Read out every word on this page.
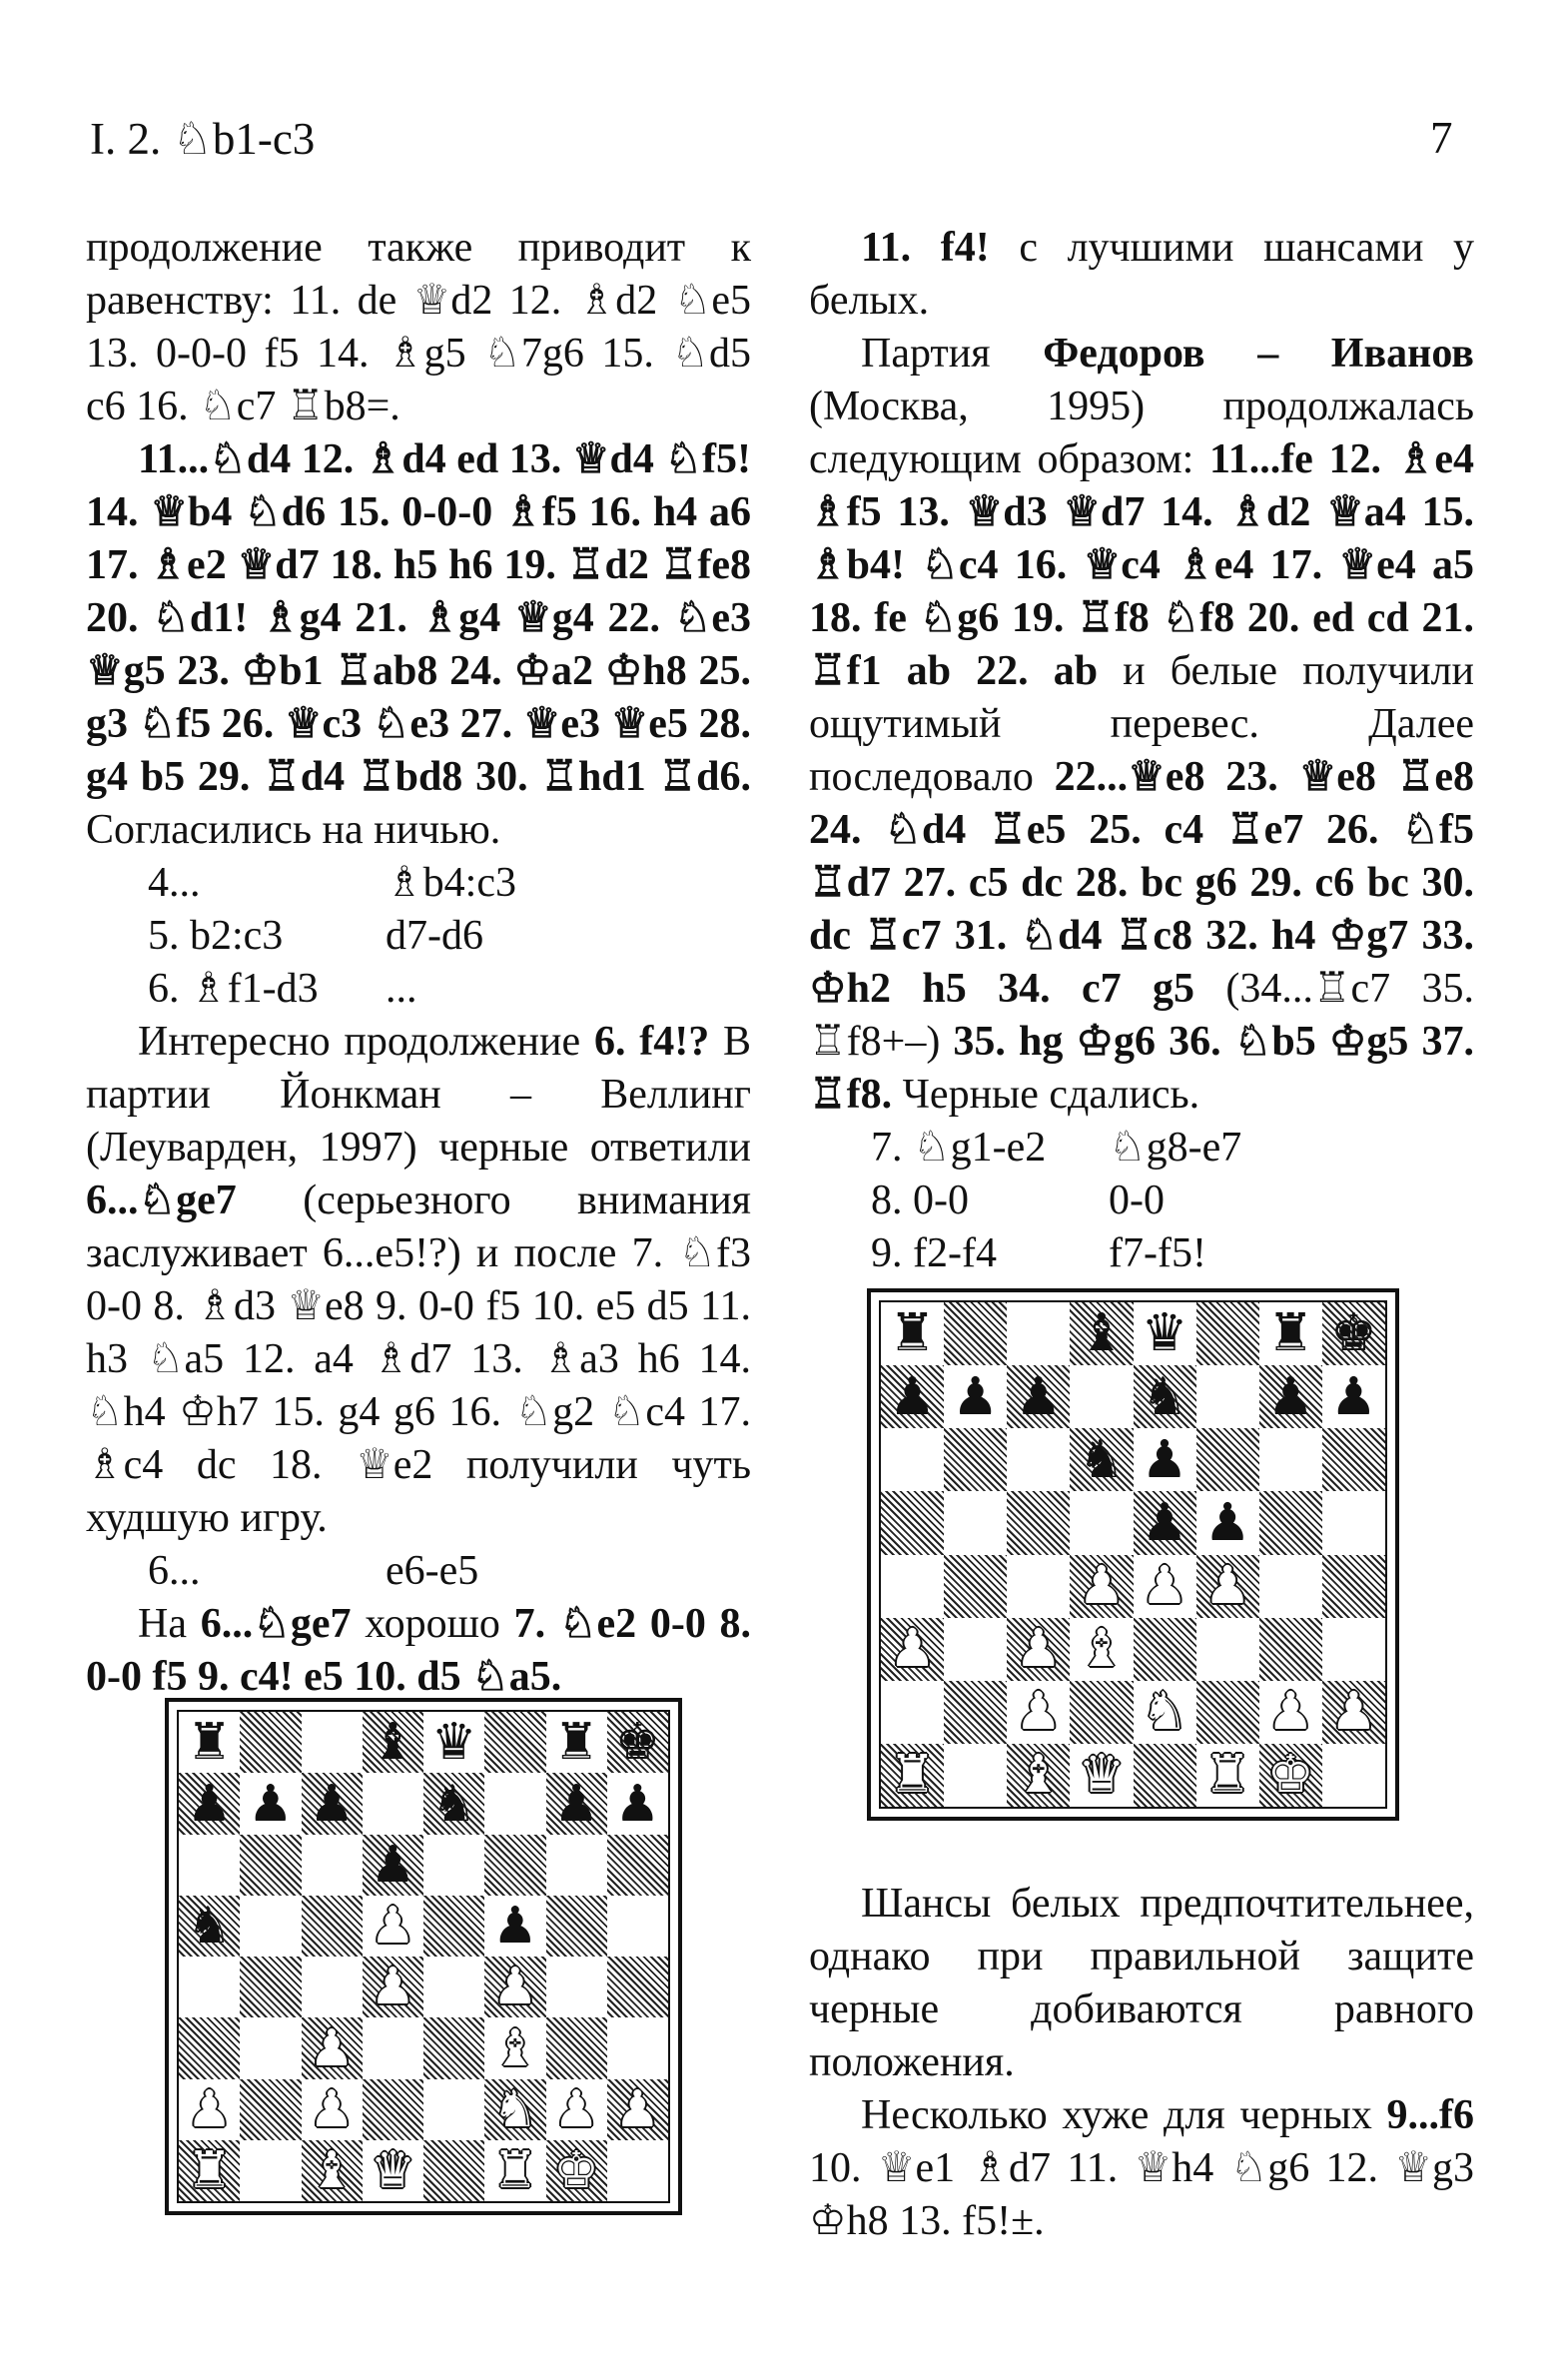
I. 2. ♘b1-c3	7

продолжение также приводит к равенству: 11. de ♕d2 12. ♗d2 ♘e5 13. 0-0-0 f5 14. ♗g5 ♘7g6 15. ♘d5 c6 16. ♘c7 ♖b8=.

11...♘d4 12. ♗d4 ed 13. ♕d4 ♘f5! 14. ♕b4 ♘d6 15. 0-0-0 ♗f5 16. h4 a6 17. ♗e2 ♕d7 18. h5 h6 19. ♖d2 ♖fe8 20. ♘d1! ♗g4 21. ♗g4 ♕g4 22. ♘e3 ♕g5 23. ♔b1 ♖ab8 24. ♔a2 ♔h8 25. g3 ♘f5 26. ♕c3 ♘e3 27. ♕e3 ♕e5 28. g4 b5 29. ♖d4 ♖bd8 30. ♖hd1 ♖d6. Согласились на ничью.

4...	♗b4:c3
5. b2:c3	d7-d6
6. ♗f1-d3	...

Интересно продолжение 6. f4!? В партии Йонкман – Веллинг (Леуварден, 1997) черные ответили 6...♘ge7 (серьезного внимания заслуживает 6...e5!?) и после 7. ♘f3 0-0 8. ♗d3 ♕e8 9. 0-0 f5 10. e5 d5 11. h3 ♘a5 12. a4 ♗d7 13. ♗a3 h6 14. ♘h4 ♔h7 15. g4 g6 16. ♘g2 ♘c4 17. ♗c4 dc 18. ♕e2 получили чуть худшую игру.

6...	e6-e5

На 6...♘ge7 хорошо 7. ♘e2 0-0 8. 0-0 f5 9. c4! e5 10. d5 ♘a5.

11. f4! с лучшими шансами у белых.

Партия Федоров – Иванов (Москва, 1995) продолжалась следующим образом: 11...fe 12. ♗e4 ♗f5 13. ♕d3 ♕d7 14. ♗d2 ♕a4 15. ♗b4! ♘c4 16. ♕c4 ♗e4 17. ♕e4 a5 18. fe ♘g6 19. ♖f8 ♘f8 20. ed cd 21. ♖f1 ab 22. ab и белые получили ощутимый перевес. Далее последовало 22...♕e8 23. ♕e8 ♖e8 24. ♘d4 ♖e5 25. c4 ♖e7 26. ♘f5 ♖d7 27. c5 dc 28. bc g6 29. c6 bc 30. dc ♖c7 31. ♘d4 ♖c8 32. h4 ♔g7 33. ♔h2 h5 34. c7 g5 (34...♖c7 35. ♖f8+–) 35. hg ♔g6 36. ♘b5 ♔g5 37. ♖f8. Черные сдались.

7. ♘g1-e2	♘g8-e7
8. 0-0	0-0
9. f2-f4	f7-f5!

Шансы белых предпочтительнее, однако при правильной защите черные добиваются равного положения.

Несколько хуже для черных 9...f6 10. ♕e1 ♗d7 11. ♕h4 ♘g6 12. ♕g3 ♔h8 13. f5!±.

♜	♝ ♛ ♜ ♚
♟ ♟ ♟ ♞ ♟ ♟
♟
♞	♟ ♟
♟ ♟
♟	♝
♟ ♟	♞ ♟ ♟
♜ ♝ ♛ ♜ ♚
♜	♝ ♛ ♜ ♚
♟ ♟ ♟ ♞ ♟ ♟
♞ ♟
♟ ♟
♟ ♟ ♟
♟ ♟ ♝
♟ ♞ ♟ ♟
♜ ♝ ♛ ♜ ♚
